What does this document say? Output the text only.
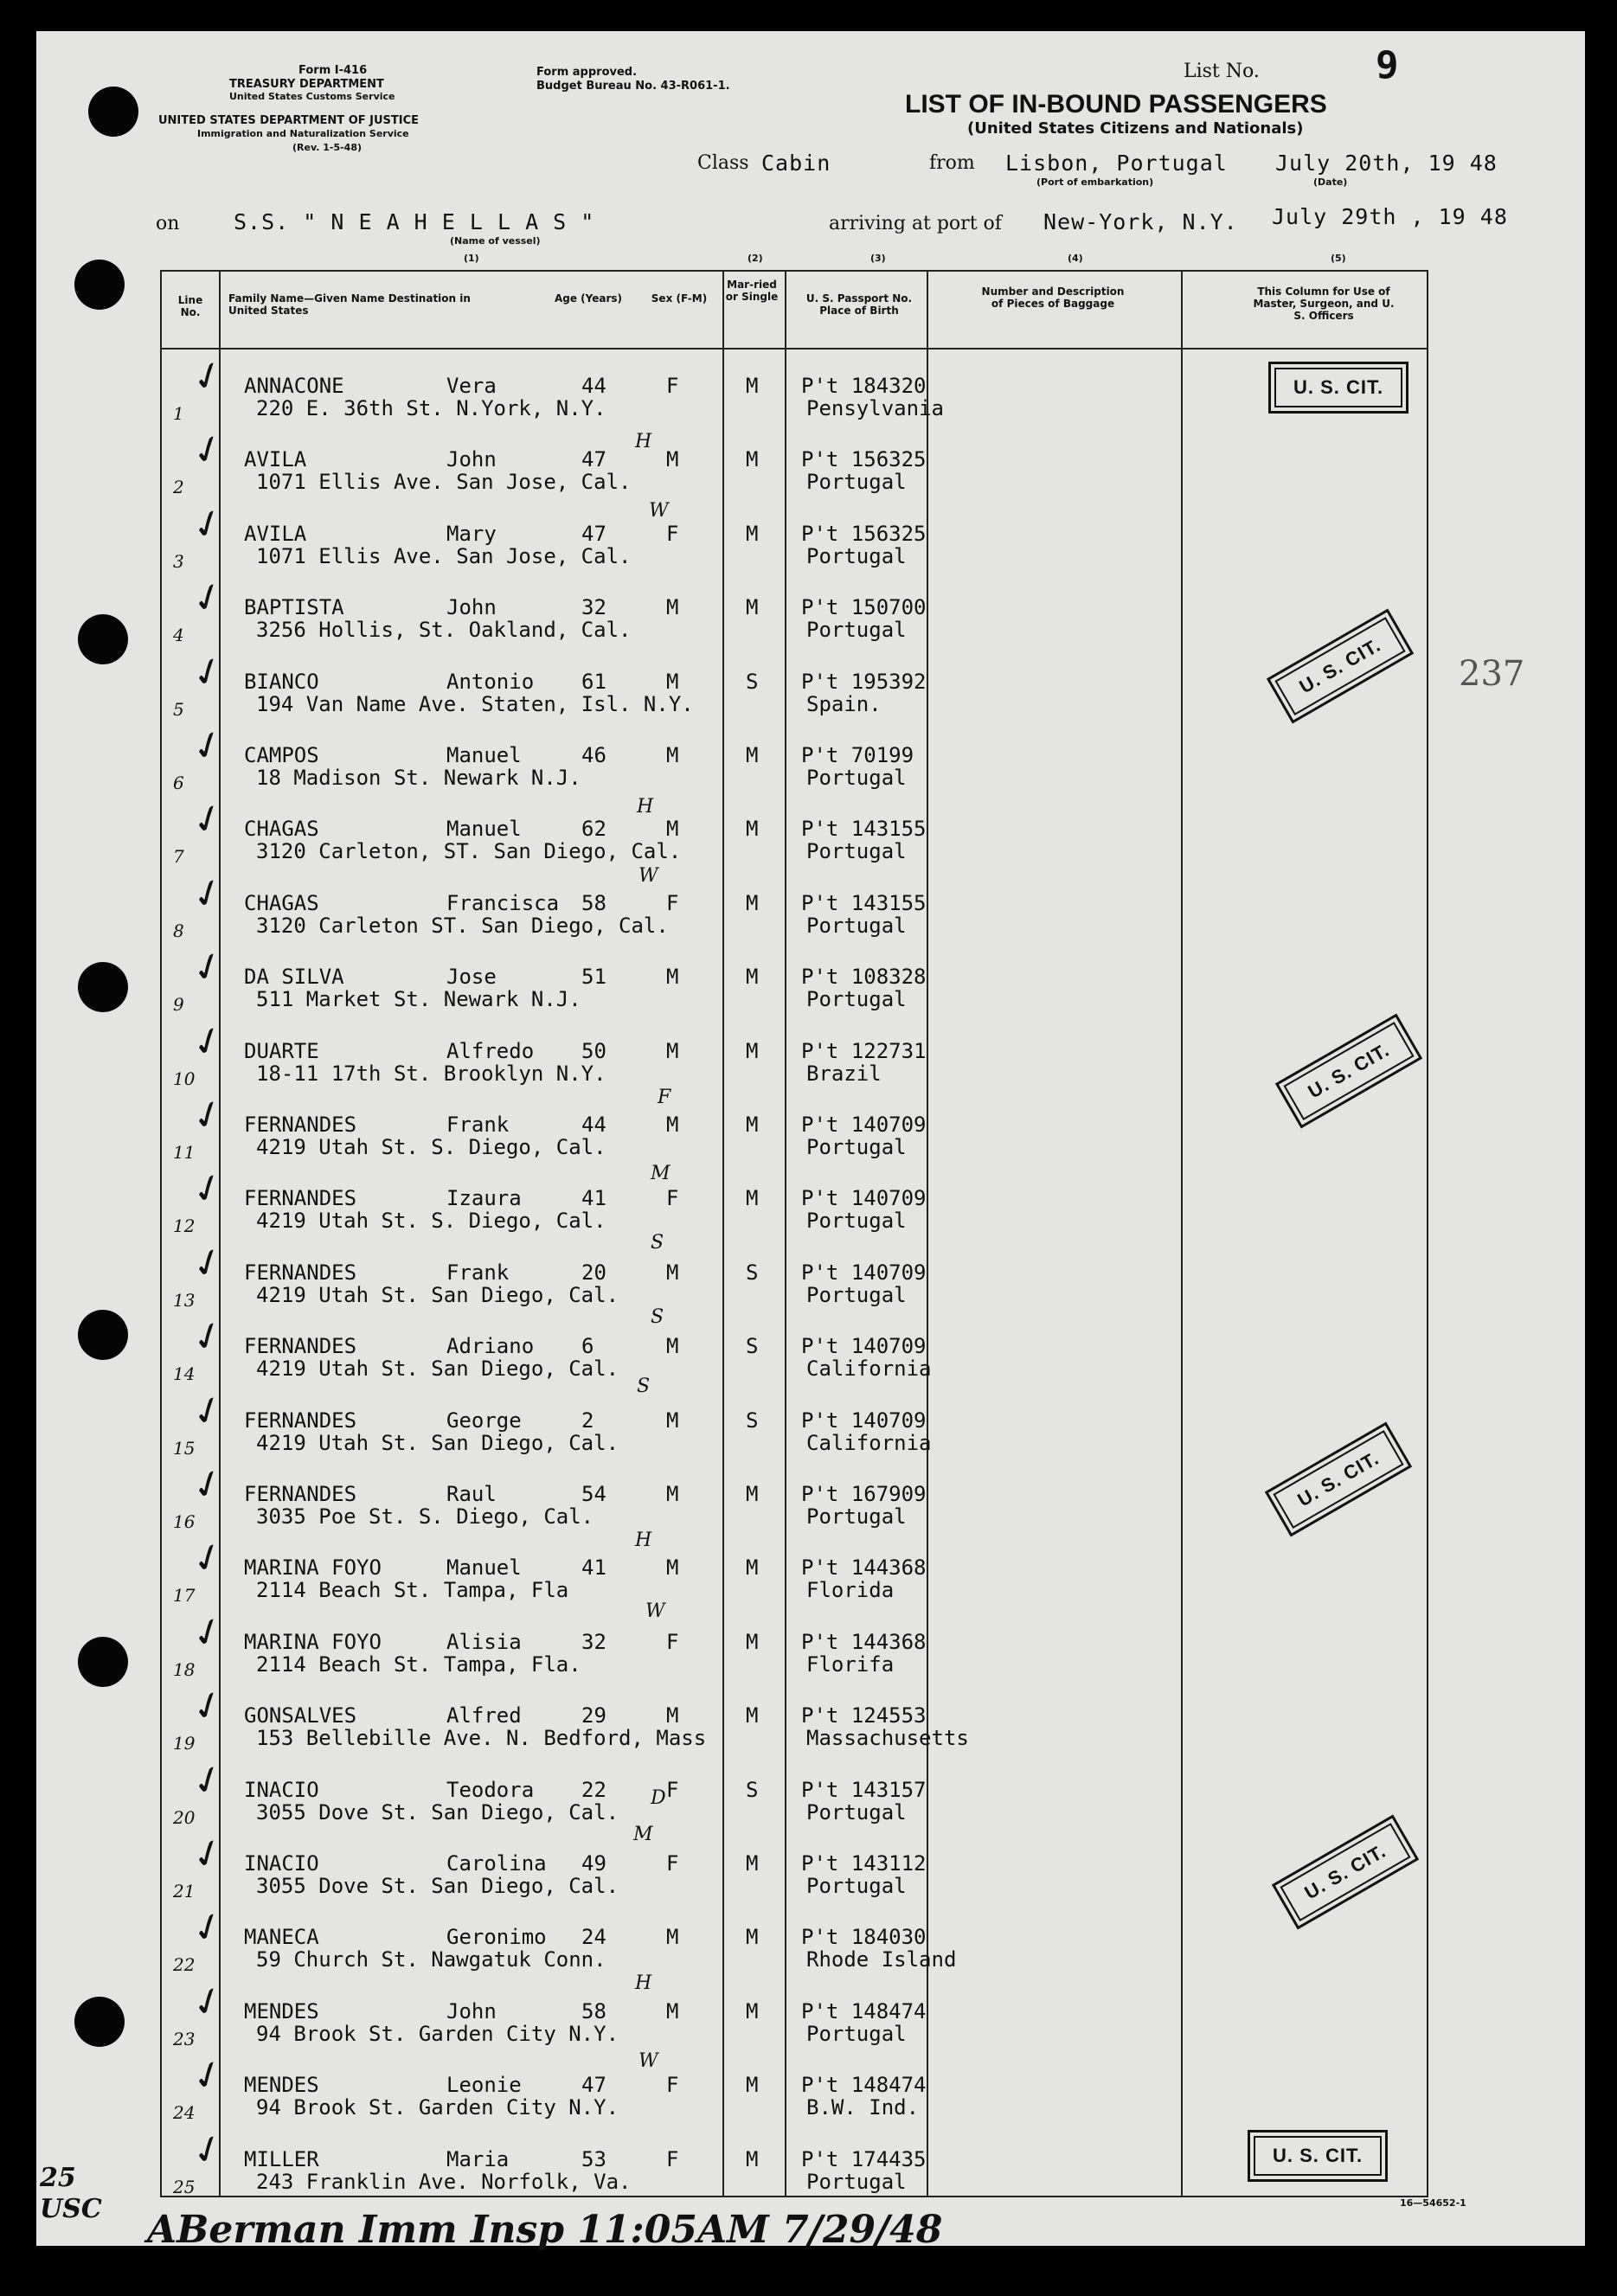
Form I-416
TREASURY DEPARTMENT
United States Customs Service
UNITED STATES DEPARTMENT OF JUSTICE
Immigration and Naturalization Service
(Rev. 1-5-48)
Form approved.
Budget Bureau No. 43-R061-1.
List No.	9
LIST OF IN-BOUND PASSENGERS
(United States Citizens and Nationals)
Class Cabin	from Lisbon, Portugal
(Port of embarkation)
July 20th, 19 48
(Date)
on	S.S. " N E A H E L L A S "
(Name of vessel)
arriving at port of New-York, N.Y. July 29th , 19 48
(1)	(2)	(3)	(4)	(5)
Line No.
Family Name—Given Name Destination in United States
Age (Years)	Sex (F-M)
Mar-ried or Single	U. S. Passport No. Place of Birth
Number and Description of Pieces of Baggage
This Column for Use of Master, Surgeon, and U. S. Officers
1
ANNACONE	Vera	44	F	M P't 184320
220 E. 36th St. N.York, N.Y.	Pensylvania
✓
2
AVILA	John	47	M	M P't 156325
1071 Ellis Ave. San Jose, Cal.	Portugal
✓
3
AVILA	Mary	47	F	M P't 156325
1071 Ellis Ave. San Jose, Cal.	Portugal
✓
4
BAPTISTA	John	32	M	M P't 150700
3256 Hollis, St. Oakland, Cal.	Portugal
✓
5
BIANCO	Antonio 61	M	S P't 195392
194 Van Name Ave. Staten, Isl. N.Y.	Spain.
✓
6
CAMPOS	Manuel	46	M	M P't 70199
18 Madison St. Newark N.J.	Portugal
✓
7
CHAGAS	Manuel	62	M	M P't 143155
3120 Carleton, ST. San Diego, Cal.	Portugal
✓
8
CHAGAS	Francisca 58	F	M P't 143155
3120 Carleton ST. San Diego, Cal.	Portugal
✓
9
DA SILVA	Jose	51	M	M P't 108328
511 Market St. Newark N.J.	Portugal
✓
10
DUARTE	Alfredo 50	M	M P't 122731
18-11 17th St. Brooklyn N.Y.	Brazil
✓
11
FERNANDES	Frank	44	M	M P't 140709
4219 Utah St. S. Diego, Cal.	Portugal
✓
12
FERNANDES	Izaura	41	F	M P't 140709
4219 Utah St. S. Diego, Cal.	Portugal
✓
13
FERNANDES	Frank	20	M	S P't 140709
4219 Utah St. San Diego, Cal.	Portugal
✓
14
FERNANDES	Adriano 6	M	S P't 140709
4219 Utah St. San Diego, Cal.	California
✓
15
FERNANDES	George	2	M	S P't 140709
4219 Utah St. San Diego, Cal.	California
✓
16
FERNANDES	Raul	54	M	M P't 167909
3035 Poe St. S. Diego, Cal.	Portugal
✓
17
MARINA FOYO	Manuel	41	M	M P't 144368
2114 Beach St. Tampa, Fla	Florida
✓
18
MARINA FOYO	Alisia	32	F	M P't 144368
2114 Beach St. Tampa, Fla.	Florifa
✓
19
GONSALVES	Alfred	29	M	M P't 124553
153 Bellebille Ave. N. Bedford, Mass	Massachusetts
✓
20
INACIO	Teodora 22	F	S P't 143157
3055 Dove St. San Diego, Cal.	Portugal
✓
21
INACIO	Carolina 49	F	M P't 143112
3055 Dove St. San Diego, Cal.	Portugal
✓
22
MANECA	Geronimo 24	M	M P't 184030
59 Church St. Nawgatuk Conn.	Rhode Island
✓
23
MENDES	John	58	M	M P't 148474
94 Brook St. Garden City N.Y.	Portugal
✓
24
MENDES	Leonie	47	F	M P't 148474
94 Brook St. Garden City N.Y.	B.W. Ind.
✓
25
MILLER	Maria	53	F	M P't 174435
243 Franklin Ave. Norfolk, Va.	Portugal
✓
U. S. CIT.
U. S. CIT.
U. S. CIT.
U. S. CIT.
U. S. CIT.
U. S. CIT.
237
16—54652-1
25 USC ABerman Imm Insp 11:05AM 7/29/48
H
W
H
W
F
M
S
S
S
H
W
D
M
H
W
